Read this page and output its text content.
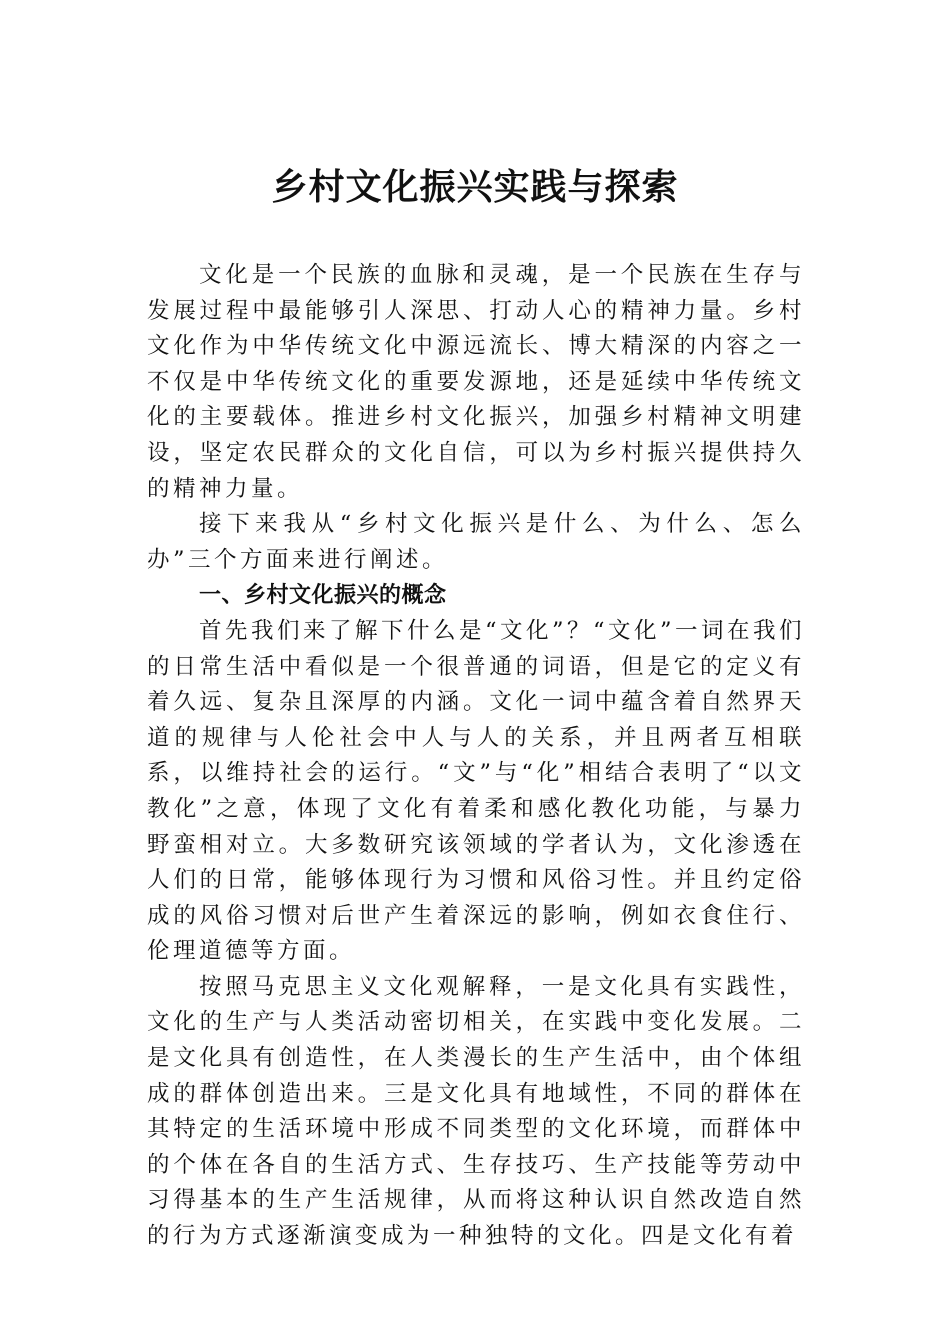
乡村文化振兴实践与探索

文化是一个民族的血脉和灵魂，是一个民族在生存与发展过程中最能够引人深思、打动人心的精神力量。乡村文化作为中华传统文化中源远流长、博大精深的内容之一不仅是中华传统文化的重要发源地，还是延续中华传统文化的主要载体。推进乡村文化振兴，加强乡村精神文明建设，坚定农民群众的文化自信，可以为乡村振兴提供持久的精神力量。

接下来我从“乡村文化振兴是什么、为什么、怎么办”三个方面来进行阐述。

一、乡村文化振兴的概念

首先我们来了解下什么是“文化”？“文化”一词在我们的日常生活中看似是一个很普通的词语，但是它的定义有着久远、复杂且深厚的内涵。文化一词中蕴含着自然界天道的规律与人伦社会中人与人的关系，并且两者互相联系，以维持社会的运行。“文”与“化”相结合表明了“以文教化”之意，体现了文化有着柔和感化教化功能，与暴力野蛮相对立。大多数研究该领域的学者认为，文化渗透在人们的日常，能够体现行为习惯和风俗习性。并且约定俗成的风俗习惯对后世产生着深远的影响，例如衣食住行、伦理道德等方面。

按照马克思主义文化观解释，一是文化具有实践性，文化的生产与人类活动密切相关，在实践中变化发展。二是文化具有创造性，在人类漫长的生产生活中，由个体组成的群体创造出来。三是文化具有地域性，不同的群体在其特定的生活环境中形成不同类型的文化环境，而群体中的个体在各自的生活方式、生存技巧、生产技能等劳动中习得基本的生产生活规律，从而将这种认识自然改造自然的行为方式逐渐演变成为一种独特的文化。四是文化有着
